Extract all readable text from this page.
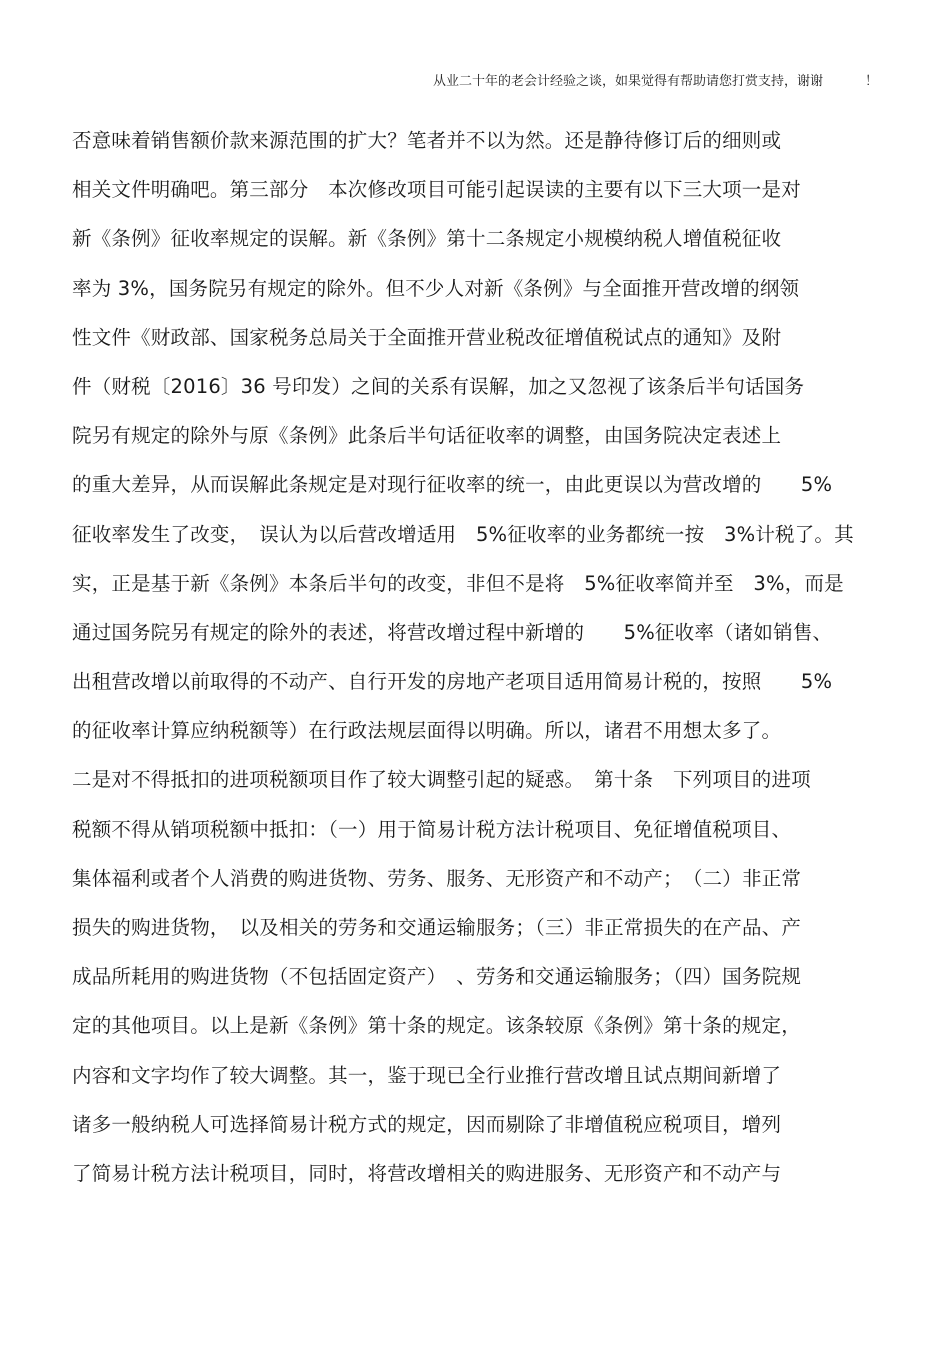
从业二十年的老会计经验之谈，如果觉得有帮助请您打赏支持，谢谢	！
否意味着销售额价款来源范围的扩大？笔者并不以为然。还是静待修订后的细则或
相关文件明确吧。第三部分　本次修改项目可能引起误读的主要有以下三大项一是对
新《条例》征收率规定的误解。新《条例》第十二条规定小规模纳税人增值税征收
率为 3%，国务院另有规定的除外。但不少人对新《条例》与全面推开营改增的纲领
性文件《财政部、国家税务总局关于全面推开营业税改征增值税试点的通知》及附
件（财税〔2016〕36 号印发）之间的关系有误解，加之又忽视了该条后半句话国务
院另有规定的除外与原《条例》此条后半句话征收率的调整，由国务院决定表述上
的重大差异，从而误解此条规定是对现行征收率的统一，由此更误以为营改增的　　5%
征收率发生了改变，　误认为以后营改增适用　5%征收率的业务都统一按　3%计税了。其
实，正是基于新《条例》本条后半句的改变，非但不是将　5%征收率简并至　3%，而是
通过国务院另有规定的除外的表述，将营改增过程中新增的　　5%征收率（诸如销售、
出租营改增以前取得的不动产、自行开发的房地产老项目适用简易计税的，按照　　5%
的征收率计算应纳税额等）在行政法规层面得以明确。所以，诸君不用想太多了。
二是对不得抵扣的进项税额项目作了较大调整引起的疑惑。　第十条　下列项目的进项
税额不得从销项税额中抵扣：（一）用于简易计税方法计税项目、免征增值税项目、
集体福利或者个人消费的购进货物、劳务、服务、无形资产和不动产；　（二）非正常
损失的购进货物，　以及相关的劳务和交通运输服务；（三）非正常损失的在产品、产
成品所耗用的购进货物（不包括固定资产）　、劳务和交通运输服务；（四）国务院规
定的其他项目。以上是新《条例》第十条的规定。该条较原《条例》第十条的规定，
内容和文字均作了较大调整。其一，鉴于现已全行业推行营改增且试点期间新增了
诸多一般纳税人可选择简易计税方式的规定，因而剔除了非增值税应税项目，增列
了简易计税方法计税项目，同时，将营改增相关的购进服务、无形资产和不动产与
